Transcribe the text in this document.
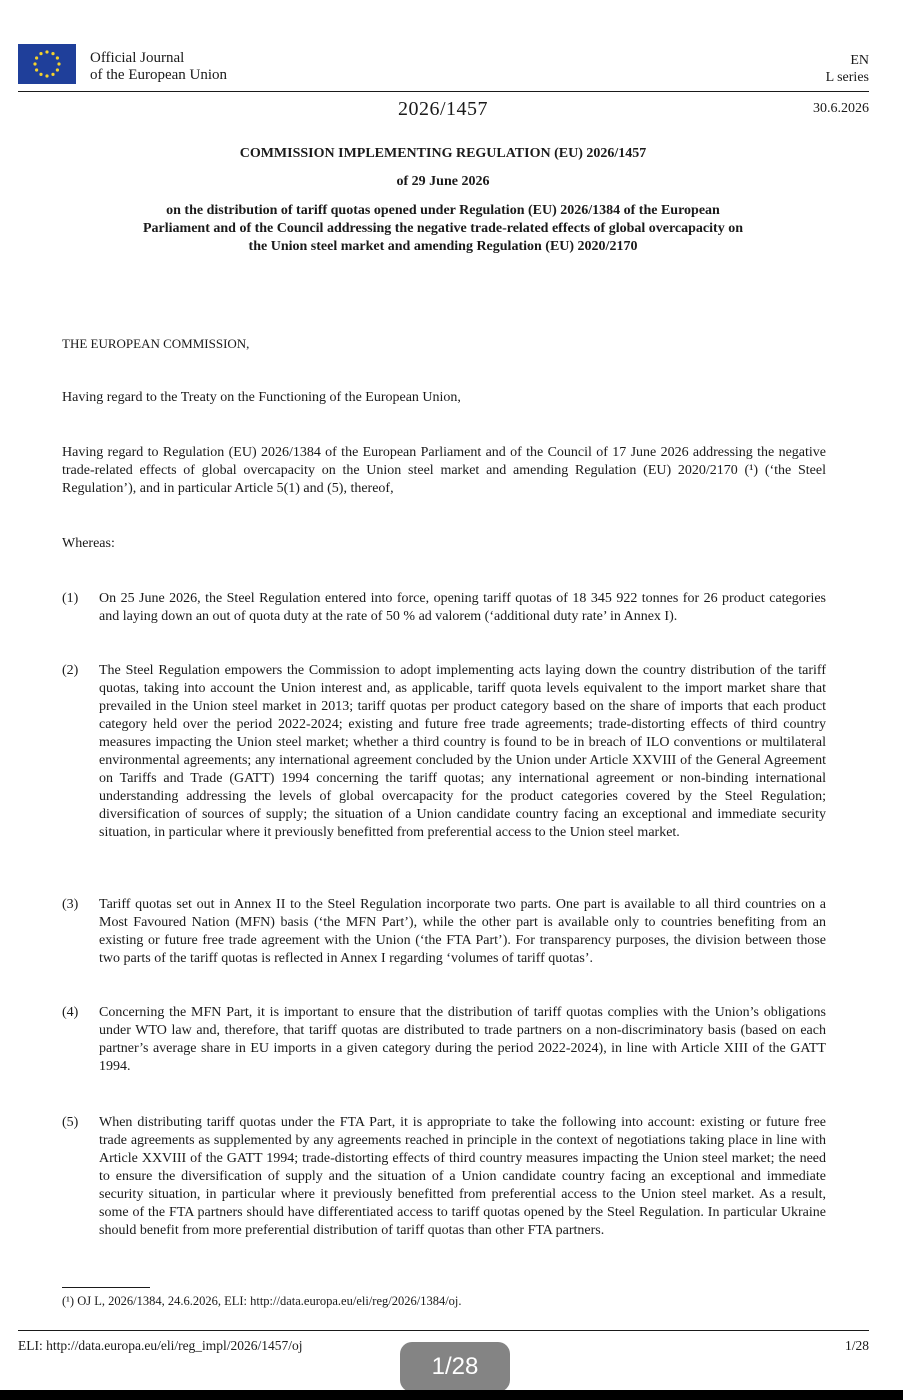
Official Journal
of the European Union
EN
L series
2026/1457	30.6.2026
COMMISSION IMPLEMENTING REGULATION (EU) 2026/1457
of 29 June 2026
on the distribution of tariff quotas opened under Regulation (EU) 2026/1384 of the European
Parliament and of the Council addressing the negative trade-related effects of global overcapacity on
the Union steel market and amending Regulation (EU) 2020/2170
THE EUROPEAN COMMISSION,
Having regard to the Treaty on the Functioning of the European Union,
Having regard to Regulation (EU) 2026/1384 of the European Parliament and of the Council of 17 June 2026 addressing the negative trade-related effects of global overcapacity on the Union steel market and amending Regulation (EU) 2020/2170 (¹) (‘the Steel Regulation’), and in particular Article 5(1) and (5), thereof,
Whereas:
(1) On 25 June 2026, the Steel Regulation entered into force, opening tariff quotas of 18 345 922 tonnes for 26 product categories and laying down an out of quota duty at the rate of 50 % ad valorem (‘additional duty rate’ in Annex I).
(2) The Steel Regulation empowers the Commission to adopt implementing acts laying down the country distribution of the tariff quotas, taking into account the Union interest and, as applicable, tariff quota levels equivalent to the import market share that prevailed in the Union steel market in 2013; tariff quotas per product category based on the share of imports that each product category held over the period 2022-2024; existing and future free trade agreements; trade-distorting effects of third country measures impacting the Union steel market; whether a third country is found to be in breach of ILO conventions or multilateral environmental agreements; any international agreement concluded by the Union under Article XXVIII of the General Agreement on Tariffs and Trade (GATT) 1994 concerning the tariff quotas; any international agreement or non-binding international understanding addressing the levels of global overcapacity for the product categories covered by the Steel Regulation; diversification of sources of supply; the situation of a Union candidate country facing an exceptional and immediate security situation, in particular where it previously benefitted from preferential access to the Union steel market.
(3) Tariff quotas set out in Annex II to the Steel Regulation incorporate two parts. One part is available to all third countries on a Most Favoured Nation (MFN) basis (‘the MFN Part’), while the other part is available only to countries benefiting from an existing or future free trade agreement with the Union (‘the FTA Part’). For transparency purposes, the division between those two parts of the tariff quotas is reflected in Annex I regarding ‘volumes of tariff quotas’.
(4) Concerning the MFN Part, it is important to ensure that the distribution of tariff quotas complies with the Union’s obligations under WTO law and, therefore, that tariff quotas are distributed to trade partners on a non-discriminatory basis (based on each partner’s average share in EU imports in a given category during the period 2022-2024), in line with Article XIII of the GATT 1994.
(5) When distributing tariff quotas under the FTA Part, it is appropriate to take the following into account: existing or future free trade agreements as supplemented by any agreements reached in principle in the context of negotiations taking place in line with Article XXVIII of the GATT 1994; trade-distorting effects of third country measures impacting the Union steel market; the need to ensure the diversification of supply and the situation of a Union candidate country facing an exceptional and immediate security situation, in particular where it previously benefitted from preferential access to the Union steel market. As a result, some of the FTA partners should have differentiated access to tariff quotas opened by the Steel Regulation. In particular Ukraine should benefit from more preferential distribution of tariff quotas than other FTA partners.
(¹) OJ L, 2026/1384, 24.6.2026, ELI: http://data.europa.eu/eli/reg/2026/1384/oj.
ELI: http://data.europa.eu/eli/reg_impl/2026/1457/oj	1/28
1/28
